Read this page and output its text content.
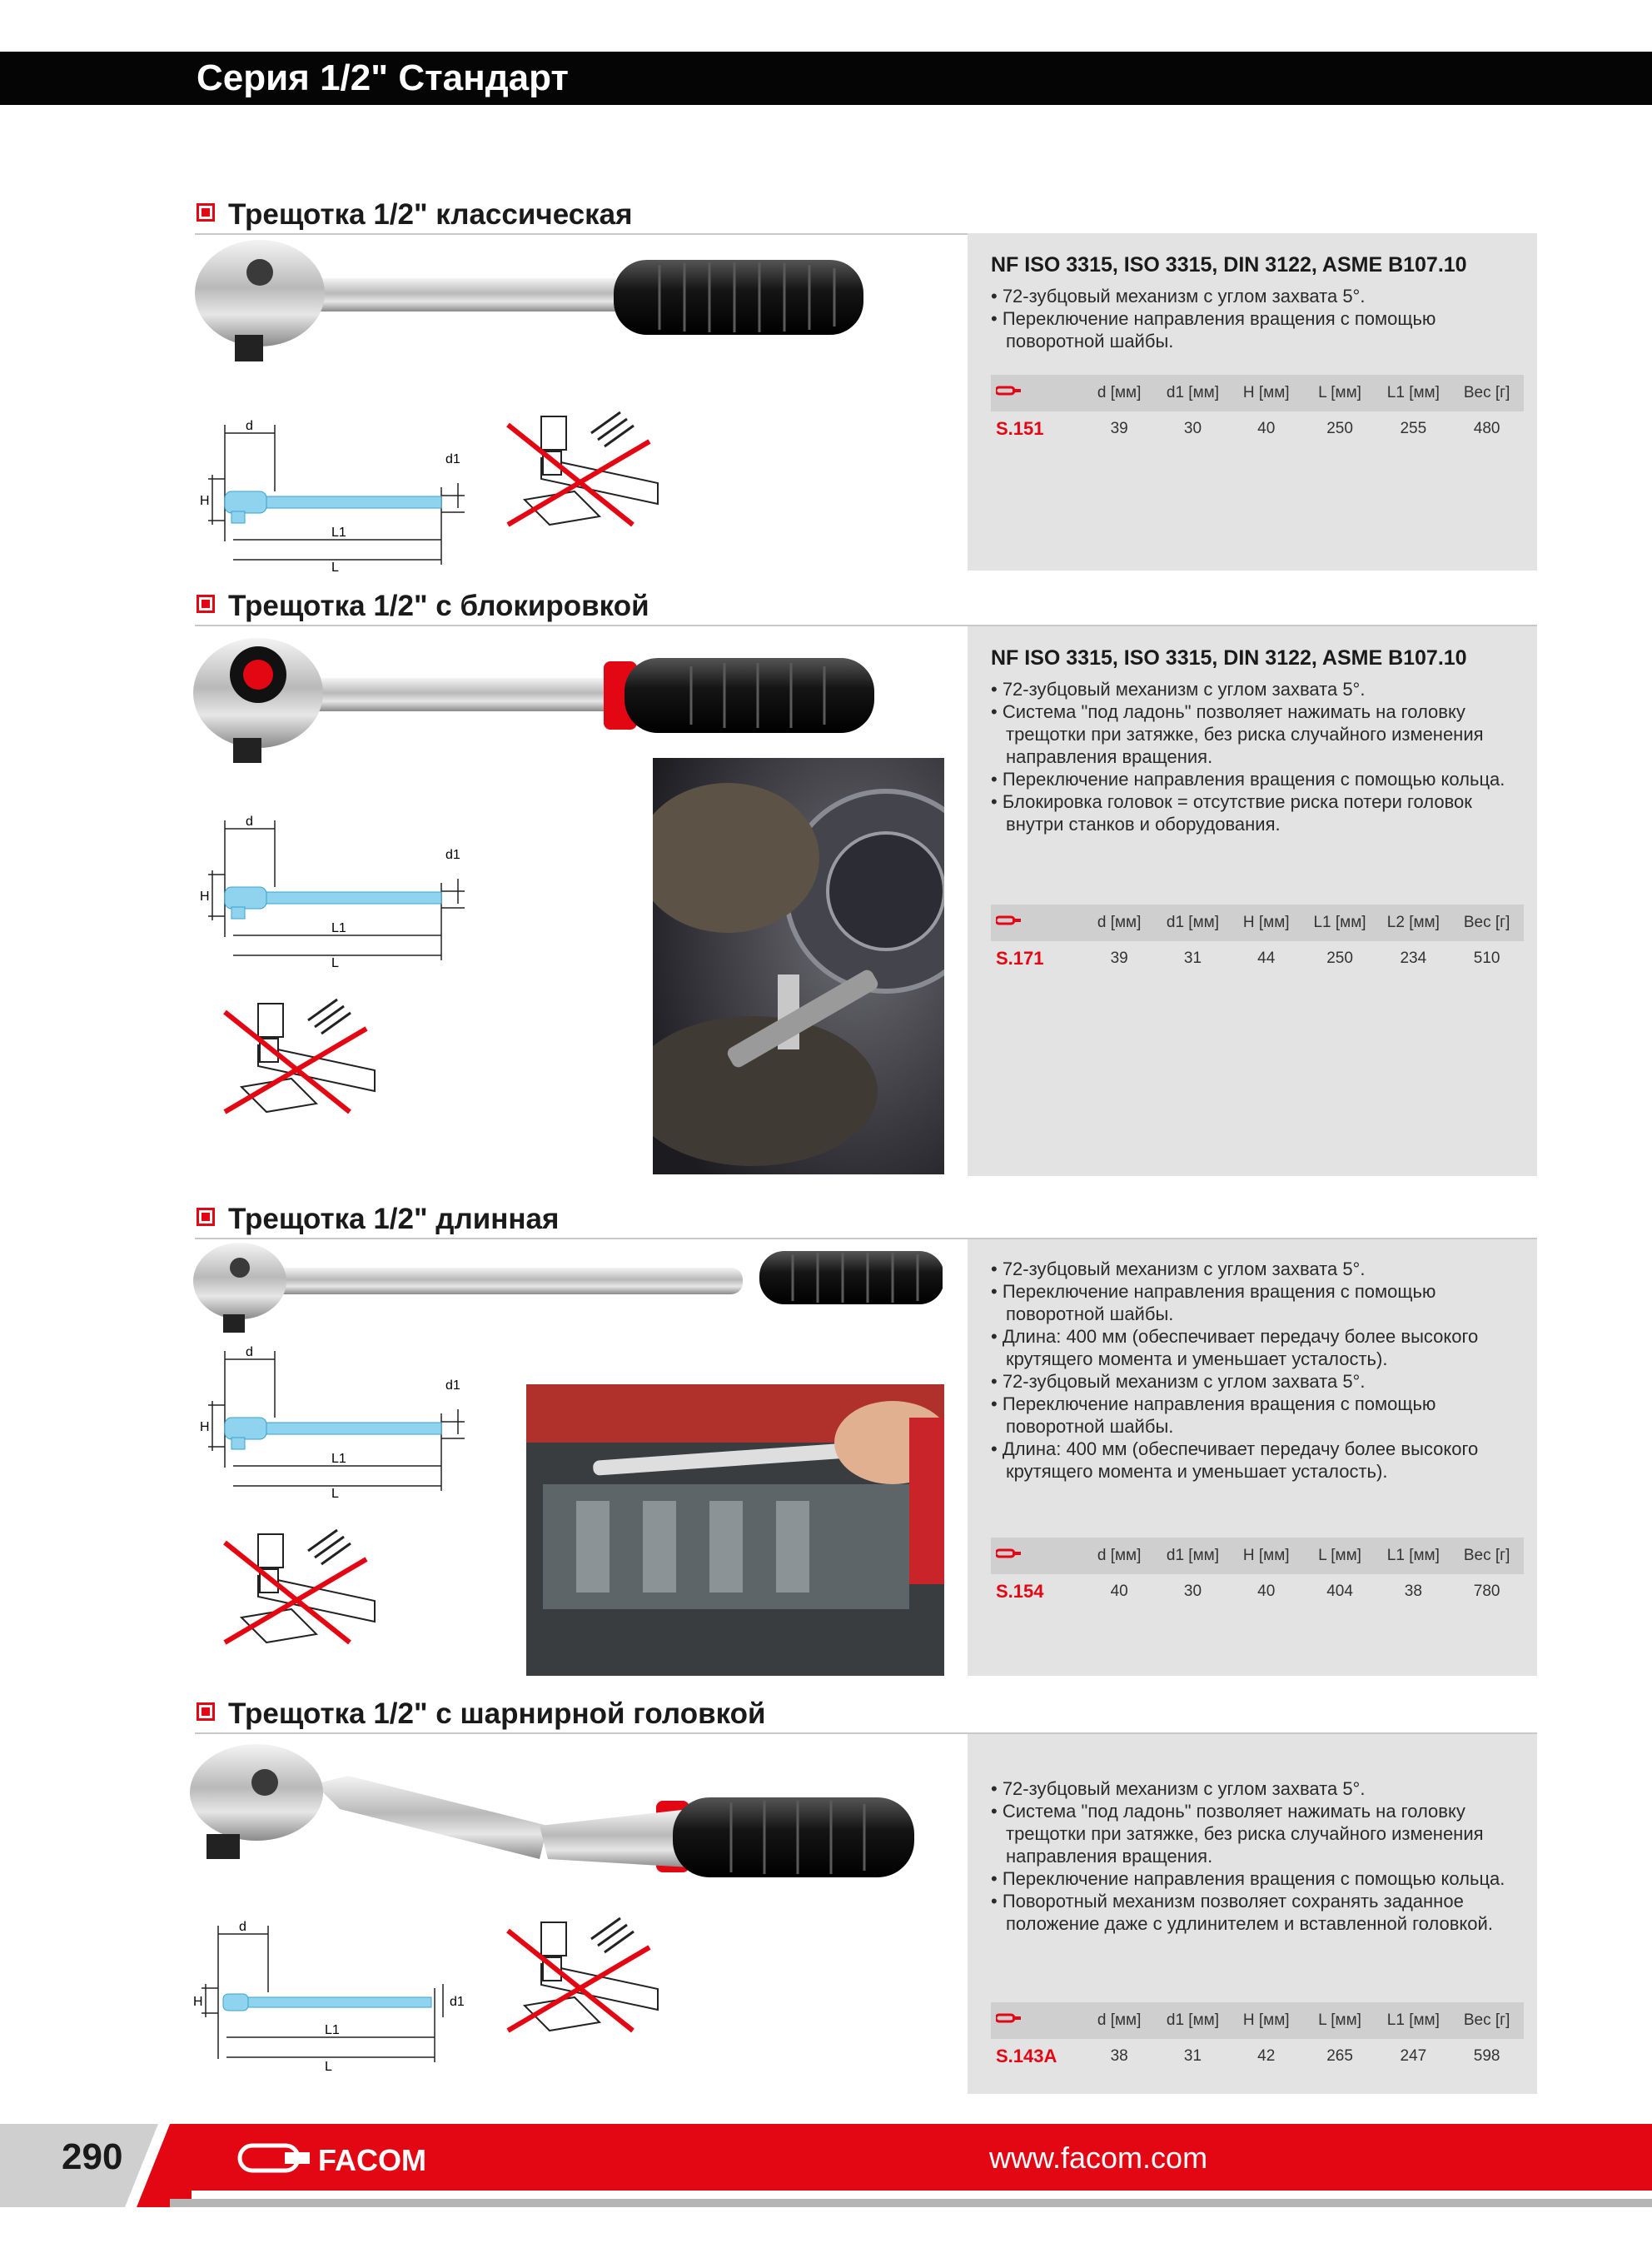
Серия 1/2" Стандарт
Трещотка 1/2" классическая
d
d1
H
L1
L
NF ISO 3315, ISO 3315, DIN 3122, ASME B107.10
• 72-зубцовый механизм с углом захвата 5°.
• Переключение направления вращения с помощью поворотной шайбы.
d [мм]	d1 [мм]	H [мм]	L [мм]	L1 [мм]	Вес [г]
S.151	39	30	40	250	255	480
Трещотка 1/2" с блокировкой
d
d1
H
L1
L
NF ISO 3315, ISO 3315, DIN 3122, ASME B107.10
• 72-зубцовый механизм с углом захвата 5°.
• Система "под ладонь" позволяет нажимать на головку трещотки при затяжке, без риска случайного изменения направления вращения.
• Переключение направления вращения с помощью кольца.
• Блокировка головок = отсутствие риска потери головок внутри станков и оборудования.
d [мм]	d1 [мм]	H [мм]	L1 [мм]	L2 [мм]	Вес [г]
S.171	39	31	44	250	234	510
Трещотка 1/2" длинная
d
d1
H
L1
L
• 72-зубцовый механизм с углом захвата 5°.
• Переключение направления вращения с помощью поворотной шайбы.
• Длина: 400 мм (обеспечивает передачу более высокого крутящего момента и уменьшает усталость).
• 72-зубцовый механизм с углом захвата 5°.
• Переключение направления вращения с помощью поворотной шайбы.
• Длина: 400 мм (обеспечивает передачу более высокого крутящего момента и уменьшает усталость).
d [мм]	d1 [мм]	H [мм]	L [мм]	L1 [мм]	Вес [г]
S.154	40	30	40	404	38	780
Трещотка 1/2" с шарнирной головкой
d
d1
H
L1
L
• 72-зубцовый механизм с углом захвата 5°.
• Система "под ладонь" позволяет нажимать на головку трещотки при затяжке, без риска случайного изменения направления вращения.
• Переключение направления вращения с помощью кольца.
• Поворотный механизм позволяет сохранять заданное положение даже с удлинителем и вставленной головкой.
d [мм]	d1 [мм]	H [мм]	L [мм]	L1 [мм]	Вес [г]
S.143A	38	31	42	265	247	598
290	FACOM	www.facom.com
